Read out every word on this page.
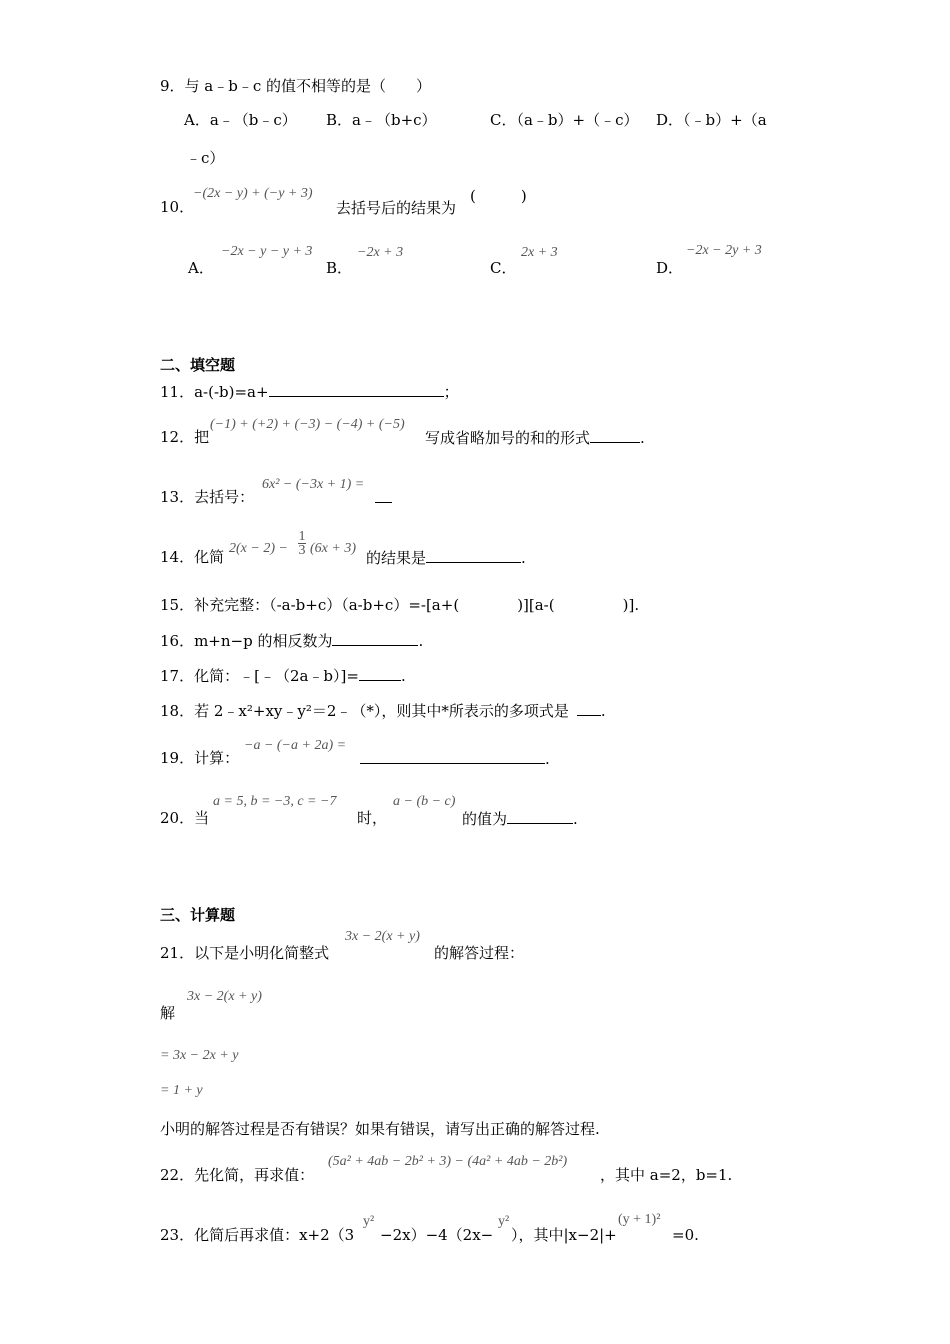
9．与 a﹣b﹣c 的值不相等的是（　　）
A．a﹣（b﹣c） B．a﹣（b+c）	C．（a﹣b）+（﹣c） D．（﹣b）+（a
﹣c）
10．
−(2x − y) + (−y + 3)
去括号后的结果为
(　　　)
A．
−2x − y − y + 3
B．
−2x + 3
C．
2x + 3
D．
−2x − 2y + 3
二、填空题
11．a-(-b)=a+	；
12．把
(−1) + (+2) + (−3) − (−4) + (−5)
写成省略加号的和的形式	.
13．去括号：
6x² − (−3x + 1) =
14．化简 $2(x - 2) - \frac{1}{3} (6x + 3)$
的结果是	.
15．补充完整：（-a-b+c）（a-b+c）=-[a+(	)][a-(	)].
16．m+n−p 的相反数为	.
17．化简：﹣[﹣（2a﹣b）]=	.
18．若 2﹣x²+xy﹣y²＝2﹣（*），则其中*所表示的多项式是 .
19．计算：
−a − (−a + 2a) =
.
20．当
a = 5, b = −3, c = −7
时，
a − (b − c)
的值为	.
三、计算题
21．以下是小明化简整式
3x − 2(x + y)
的解答过程：
3x − 2(x + y)
解
= 3x − 2x + y
= 1 + y
小明的解答过程是否有错误？如果有错误，请写出正确的解答过程.
22．先化简，再求值：
(5a² + 4ab − 2b² + 3) − (4a² + 4ab − 2b²)
，其中 a=2，b=1.
23．化简后再求值：x+2（3
y²
−2x）−4（2x−
y²
），其中|x−2|+
(y + 1)²
=0.
